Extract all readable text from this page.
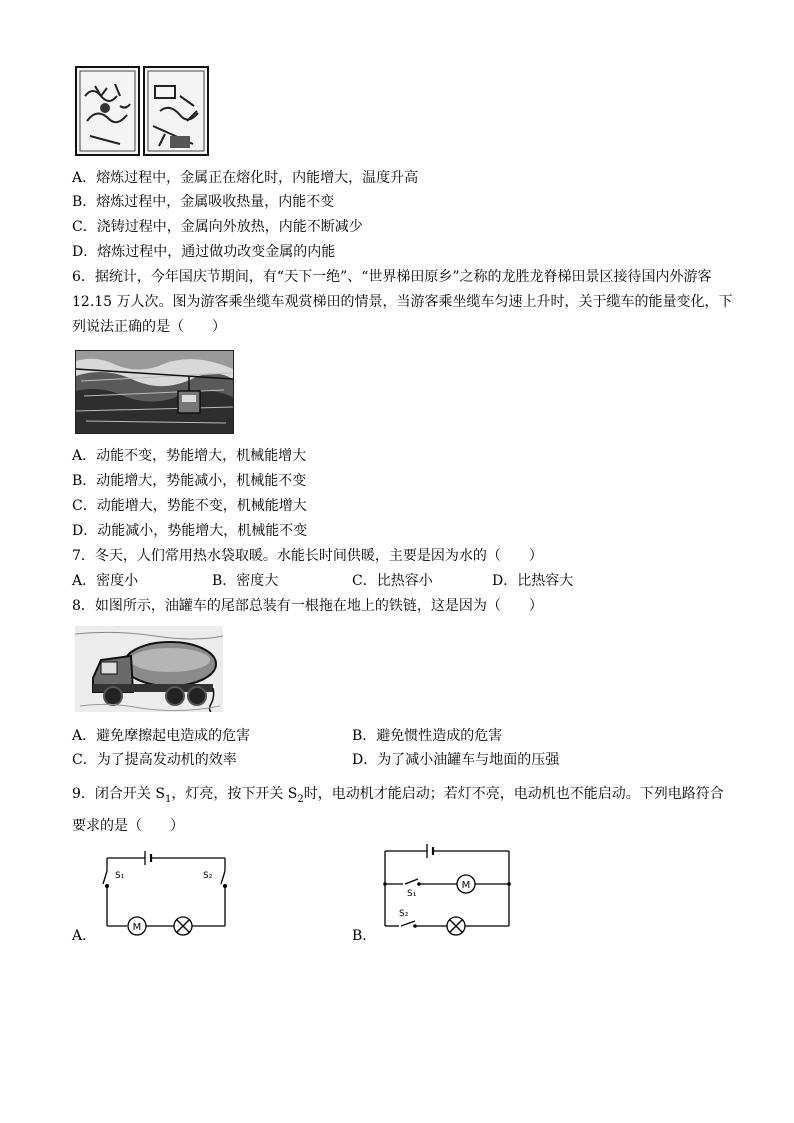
A．熔炼过程中，金属正在熔化时，内能增大，温度升高
B．熔炼过程中，金属吸收热量，内能不变
C．浇铸过程中，金属向外放热，内能不断减少
D．熔炼过程中，通过做功改变金属的内能
6．据统计，今年国庆节期间，有“天下一绝”、“世界梯田原乡”之称的龙胜龙脊梯田景区接待国内外游客
12.15 万人次。图为游客乘坐缆车观赏梯田的情景，当游客乘坐缆车匀速上升时，关于缆车的能量变化，下
列说法正确的是（　　）
A．动能不变，势能增大，机械能增大
B．动能增大，势能减小，机械能不变
C．动能增大，势能不变，机械能增大
D．动能减小，势能增大，机械能不变
7．冬天，人们常用热水袋取暖。水能长时间供暖，主要是因为水的（　　）
A．密度小	B．密度大	C．比热容小	D．比热容大
8．如图所示，油罐车的尾部总装有一根拖在地上的铁链，这是因为（　　）
A．避免摩擦起电造成的危害	B．避免惯性造成的危害
C．为了提高发动机的效率	D．为了减小油罐车与地面的压强
9．闭合开关 $S_1$，灯亮，按下开关 $S_2$时，电动机才能启动；若灯不亮，电动机也不能启动。下列电路符合
要求的是（　　）
M
S₁	S₂
A．
M
S₁
S₂
B．
